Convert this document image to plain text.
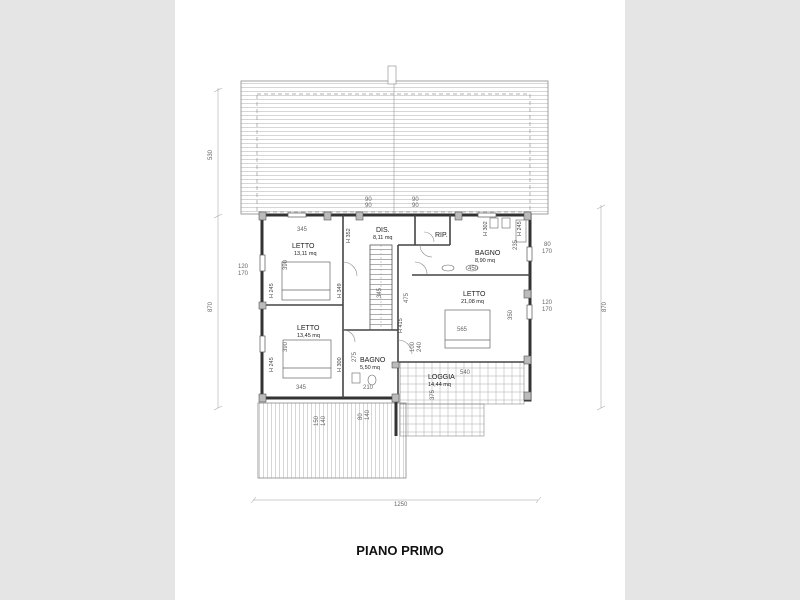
LETTO
13,11 mq
DIS.
8,11 mq	RIP.
BAGNO
8,90 mq
LETTO
21,08 mq
LETTO
13,45 mq
BAGNO
5,50 mq
LOGGIA
14,44 mq
1250
530
870	870
90
90
90
90
120
170
80
170
120
170
150 140	80 140
100 240
345
345	210
390
390
565
350
475
450
235
540
275
375
345
H 352	H 302
H 245	H 349
H 245	H 300
H 415
H 245
PIANO PRIMO
